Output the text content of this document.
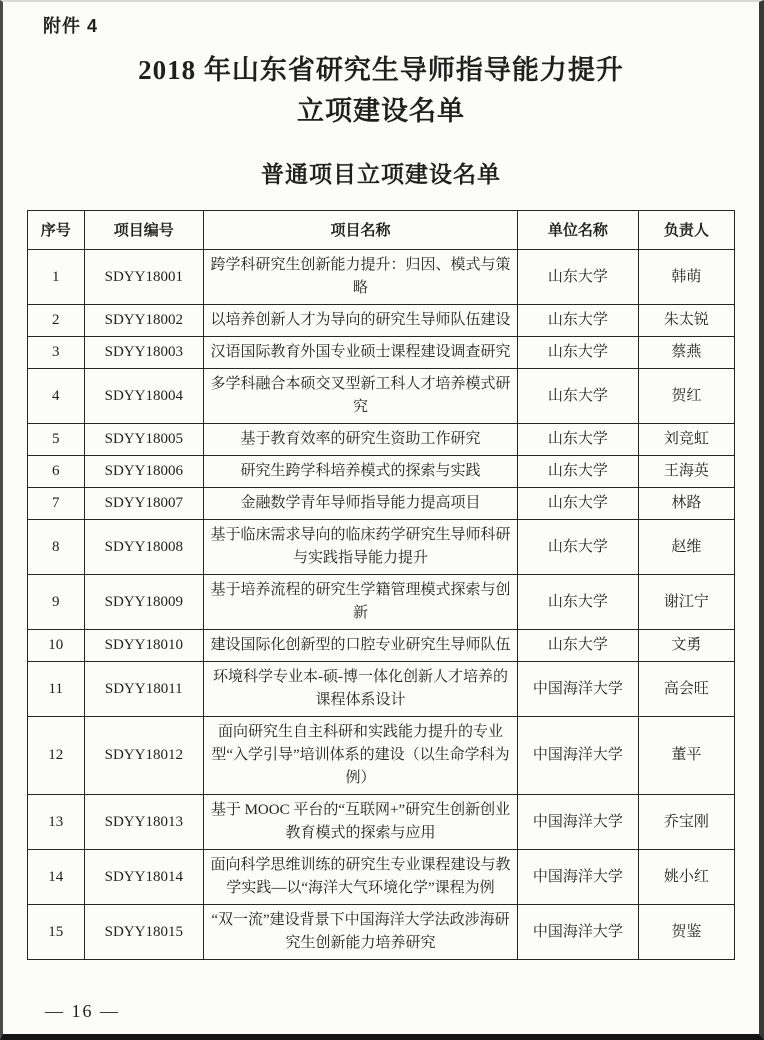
附件 4
2018 年山东省研究生导师指导能力提升
立项建设名单
普通项目立项建设名单
序号	项目编号	项目名称	单位名称	负责人
1	SDYY18001	跨学科研究生创新能力提升：归因、模式与策略	山东大学	韩萌
2	SDYY18002	以培养创新人才为导向的研究生导师队伍建设	山东大学	朱太锐
3	SDYY18003	汉语国际教育外国专业硕士课程建设调查研究	山东大学	蔡燕
4	SDYY18004	多学科融合本硕交叉型新工科人才培养模式研究	山东大学	贺红
5	SDYY18005	基于教育效率的研究生资助工作研究	山东大学	刘竞虹
6	SDYY18006	研究生跨学科培养模式的探索与实践	山东大学	王海英
7	SDYY18007	金融数学青年导师指导能力提高项目	山东大学	林路
8	SDYY18008	基于临床需求导向的临床药学研究生导师科研与实践指导能力提升	山东大学	赵维
9	SDYY18009	基于培养流程的研究生学籍管理模式探索与创新	山东大学	谢江宁
10	SDYY18010	建设国际化创新型的口腔专业研究生导师队伍	山东大学	文勇
11	SDYY18011	环境科学专业本-硕-博一体化创新人才培养的课程体系设计	中国海洋大学	高会旺
12	SDYY18012	面向研究生自主科研和实践能力提升的专业型“入学引导”培训体系的建设（以生命学科为例）	中国海洋大学	董平
13	SDYY18013	基于 MOOC 平台的“互联网+”研究生创新创业教育模式的探索与应用	中国海洋大学	乔宝刚
14	SDYY18014	面向科学思维训练的研究生专业课程建设与教学实践—以“海洋大气环境化学”课程为例	中国海洋大学	姚小红
15	SDYY18015	“双一流”建设背景下中国海洋大学法政涉海研究生创新能力培养研究	中国海洋大学	贺鉴
— 16 —
